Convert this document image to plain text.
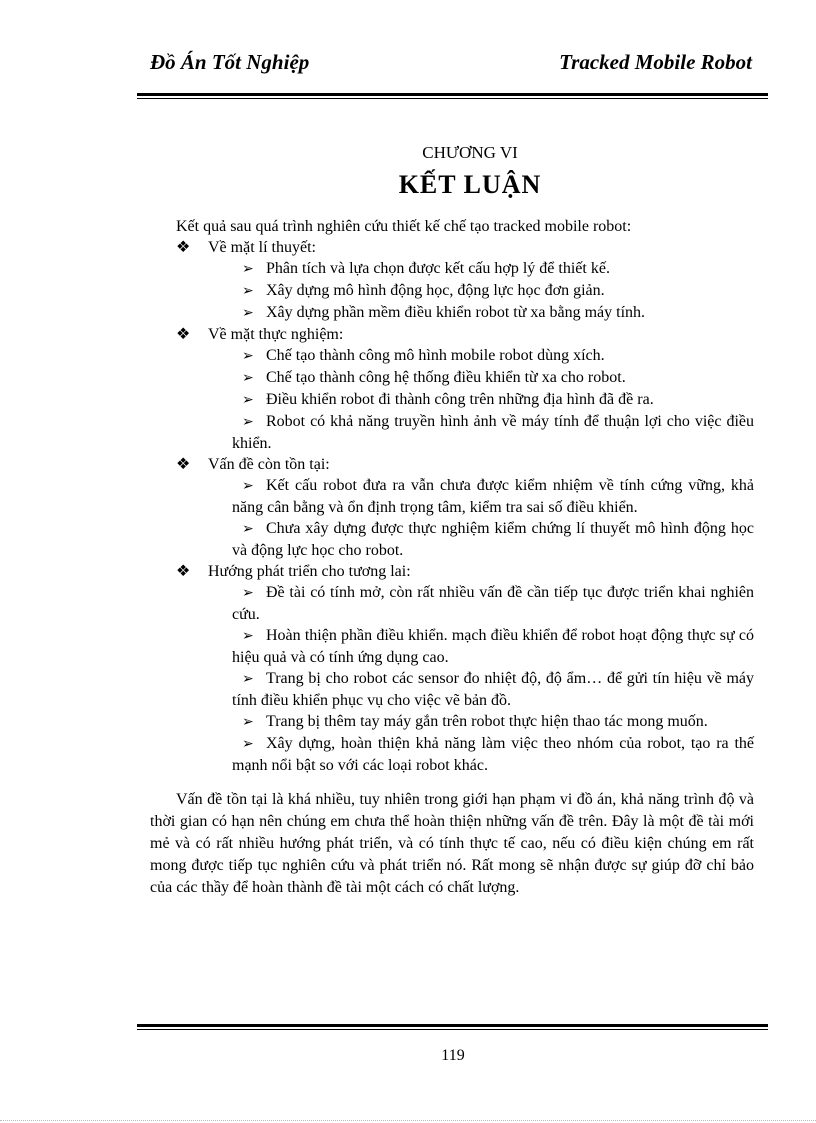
Đồ Án Tốt Nghiệp	Tracked Mobile Robot
CHƯƠNG VI
KẾT LUẬN

Kết quả sau quá trình nghiên cứu thiết kế chế tạo tracked mobile robot:

❖	Về mặt lí thuyết:

➢ Phân tích và lựa chọn được kết cấu hợp lý để thiết kế.

➢ Xây dựng mô hình động học, động lực học đơn giản.

➢ Xây dựng phần mềm điều khiển robot từ xa bằng máy tính.

❖	Về mặt thực nghiệm:

➢ Chế tạo thành công mô hình mobile robot dùng xích.

➢ Chế tạo thành công hệ thống điều khiển từ xa cho robot.

➢ Điều khiển robot đi thành công trên những địa hình đã đề ra.

➢ Robot có khả năng truyền hình ảnh về máy tính để thuận lợi cho việc điều khiển.

❖	Vấn đề còn tồn tại:

➢ Kết cấu robot đưa ra vẫn chưa được kiểm nhiệm về tính cứng vững, khả năng cân bằng và ổn định trọng tâm, kiểm tra sai số điều khiển.

➢ Chưa xây dựng được thực nghiệm kiểm chứng lí thuyết mô hình động học và động lực học cho robot.

❖	Hướng phát triển cho tương lai:

➢ Đề tài có tính mở, còn rất nhiều vấn đề cần tiếp tục được triển khai nghiên cứu.

➢ Hoàn thiện phần điều khiển. mạch điều khiển để robot hoạt động thực sự có hiệu quả và có tính ứng dụng cao.

➢ Trang bị cho robot các sensor đo nhiệt độ, độ ẩm… để gửi tín hiệu về máy tính điều khiển phục vụ cho việc vẽ bản đồ.

➢ Trang bị thêm tay máy gắn trên robot thực hiện thao tác mong muốn.

➢ Xây dựng, hoàn thiện khả năng làm việc theo nhóm của robot, tạo ra thế mạnh nổi bật so với các loại robot khác.

Vấn đề tồn tại là khá nhiều, tuy nhiên trong giới hạn phạm vi đồ án, khả năng trình độ và thời gian có hạn nên chúng em chưa thể hoàn thiện những vấn đề trên. Đây là một đề tài mới mẻ và có rất nhiều hướng phát triển, và có tính thực tế cao, nếu có điều kiện chúng em rất mong được tiếp tục nghiên cứu và phát triển nó. Rất mong sẽ nhận được sự giúp đỡ chỉ bảo của các thầy để hoàn thành đề tài một cách có chất lượng.

119
